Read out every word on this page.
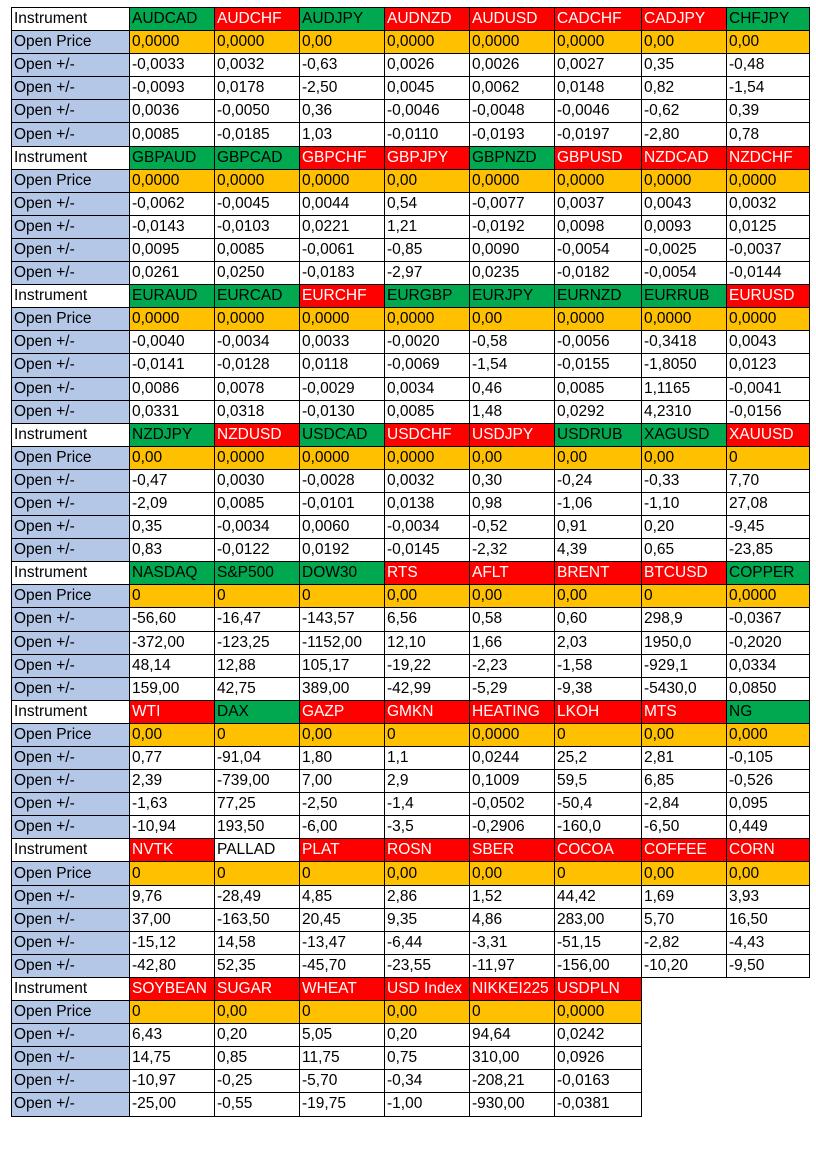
Instrument	AUDCAD	AUDCHF	AUDJPY	AUDNZD	AUDUSD	CADCHF	CADJPY	CHFJPY
Open Price	0,0000	0,0000	0,00	0,0000	0,0000	0,0000	0,00	0,00
Open +/-	-0,0033	0,0032	-0,63	0,0026	0,0026	0,0027	0,35	-0,48
Open +/-	-0,0093	0,0178	-2,50	0,0045	0,0062	0,0148	0,82	-1,54
Open +/-	0,0036	-0,0050	0,36	-0,0046	-0,0048	-0,0046	-0,62	0,39
Open +/-	0,0085	-0,0185	1,03	-0,0110	-0,0193	-0,0197	-2,80	0,78
Instrument	GBPAUD	GBPCAD	GBPCHF	GBPJPY	GBPNZD	GBPUSD	NZDCAD	NZDCHF
Open Price	0,0000	0,0000	0,0000	0,00	0,0000	0,0000	0,0000	0,0000
Open +/-	-0,0062	-0,0045	0,0044	0,54	-0,0077	0,0037	0,0043	0,0032
Open +/-	-0,0143	-0,0103	0,0221	1,21	-0,0192	0,0098	0,0093	0,0125
Open +/-	0,0095	0,0085	-0,0061	-0,85	0,0090	-0,0054	-0,0025	-0,0037
Open +/-	0,0261	0,0250	-0,0183	-2,97	0,0235	-0,0182	-0,0054	-0,0144
Instrument	EURAUD	EURCAD	EURCHF	EURGBP	EURJPY	EURNZD	EURRUB	EURUSD
Open Price	0,0000	0,0000	0,0000	0,0000	0,00	0,0000	0,0000	0,0000
Open +/-	-0,0040	-0,0034	0,0033	-0,0020	-0,58	-0,0056	-0,3418	0,0043
Open +/-	-0,0141	-0,0128	0,0118	-0,0069	-1,54	-0,0155	-1,8050	0,0123
Open +/-	0,0086	0,0078	-0,0029	0,0034	0,46	0,0085	1,1165	-0,0041
Open +/-	0,0331	0,0318	-0,0130	0,0085	1,48	0,0292	4,2310	-0,0156
Instrument	NZDJPY	NZDUSD	USDCAD	USDCHF	USDJPY	USDRUB	XAGUSD	XAUUSD
Open Price	0,00	0,0000	0,0000	0,0000	0,00	0,00	0,00	0
Open +/-	-0,47	0,0030	-0,0028	0,0032	0,30	-0,24	-0,33	7,70
Open +/-	-2,09	0,0085	-0,0101	0,0138	0,98	-1,06	-1,10	27,08
Open +/-	0,35	-0,0034	0,0060	-0,0034	-0,52	0,91	0,20	-9,45
Open +/-	0,83	-0,0122	0,0192	-0,0145	-2,32	4,39	0,65	-23,85
Instrument	NASDAQ	S&P500	DOW30	RTS	AFLT	BRENT	BTCUSD	COPPER
Open Price	0	0	0	0,00	0,00	0,00	0	0,0000
Open +/-	-56,60	-16,47	-143,57	6,56	0,58	0,60	298,9	-0,0367
Open +/-	-372,00	-123,25	-1152,00	12,10	1,66	2,03	1950,0	-0,2020
Open +/-	48,14	12,88	105,17	-19,22	-2,23	-1,58	-929,1	0,0334
Open +/-	159,00	42,75	389,00	-42,99	-5,29	-9,38	-5430,0	0,0850
Instrument	WTI	DAX	GAZP	GMKN	HEATING	LKOH	MTS	NG
Open Price	0,00	0	0,00	0	0,0000	0	0,00	0,000
Open +/-	0,77	-91,04	1,80	1,1	0,0244	25,2	2,81	-0,105
Open +/-	2,39	-739,00	7,00	2,9	0,1009	59,5	6,85	-0,526
Open +/-	-1,63	77,25	-2,50	-1,4	-0,0502	-50,4	-2,84	0,095
Open +/-	-10,94	193,50	-6,00	-3,5	-0,2906	-160,0	-6,50	0,449
Instrument	NVTK	PALLAD	PLAT	ROSN	SBER	COCOA	COFFEE	CORN
Open Price	0	0	0	0,00	0,00	0	0,00	0,00
Open +/-	9,76	-28,49	4,85	2,86	1,52	44,42	1,69	3,93
Open +/-	37,00	-163,50	20,45	9,35	4,86	283,00	5,70	16,50
Open +/-	-15,12	14,58	-13,47	-6,44	-3,31	-51,15	-2,82	-4,43
Open +/-	-42,80	52,35	-45,70	-23,55	-11,97	-156,00	-10,20	-9,50
Instrument	SOYBEAN	SUGAR	WHEAT	USD Index	NIKKEI225	USDPLN		
Open Price	0	0,00	0	0,00	0	0,0000		
Open +/-	6,43	0,20	5,05	0,20	94,64	0,0242		
Open +/-	14,75	0,85	11,75	0,75	310,00	0,0926		
Open +/-	-10,97	-0,25	-5,70	-0,34	-208,21	-0,0163		
Open +/-	-25,00	-0,55	-19,75	-1,00	-930,00	-0,0381		
